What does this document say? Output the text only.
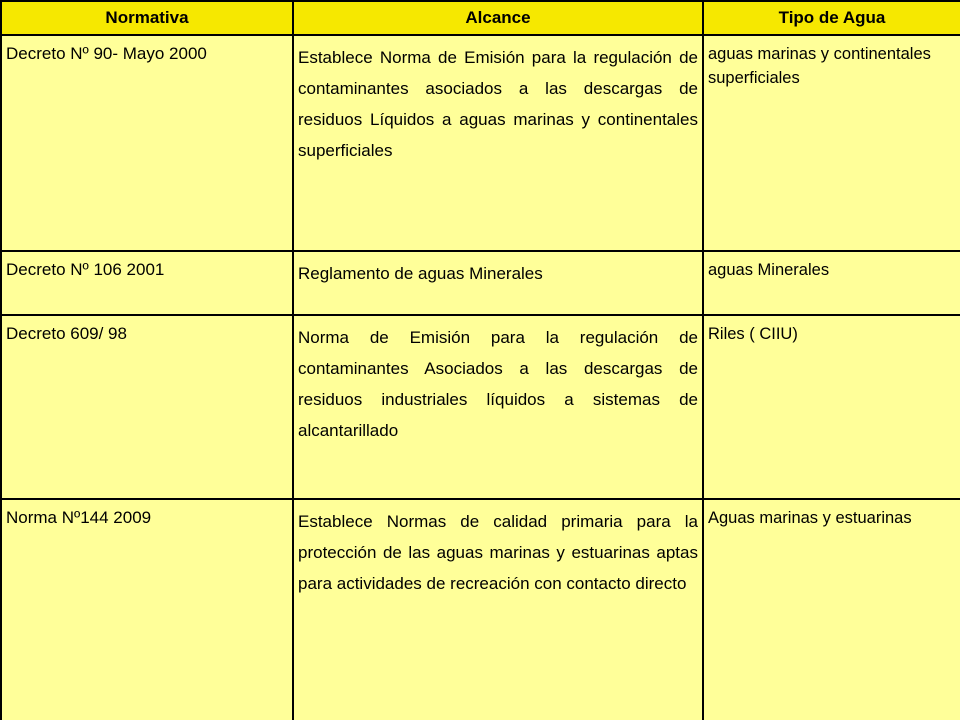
Normativa	Alcance	Tipo de Agua
Decreto Nº 90- Mayo 2000	Establece Norma de Emisión para la regulación de contaminantes asociados a las descargas de residuos Líquidos a aguas marinas y continentales superficiales	aguas marinas y continentales superficiales
Decreto Nº 106 2001	Reglamento de aguas Minerales	aguas Minerales
Decreto 609/ 98	Norma de Emisión para la regulación de contaminantes Asociados a las descargas de residuos industriales líquidos a sistemas de alcantarillado	Riles ( CIIU)
Norma Nº144 2009	Establece Normas de calidad primaria para la protección de las aguas marinas y estuarinas aptas para actividades de recreación con contacto directo	Aguas marinas y estuarinas
